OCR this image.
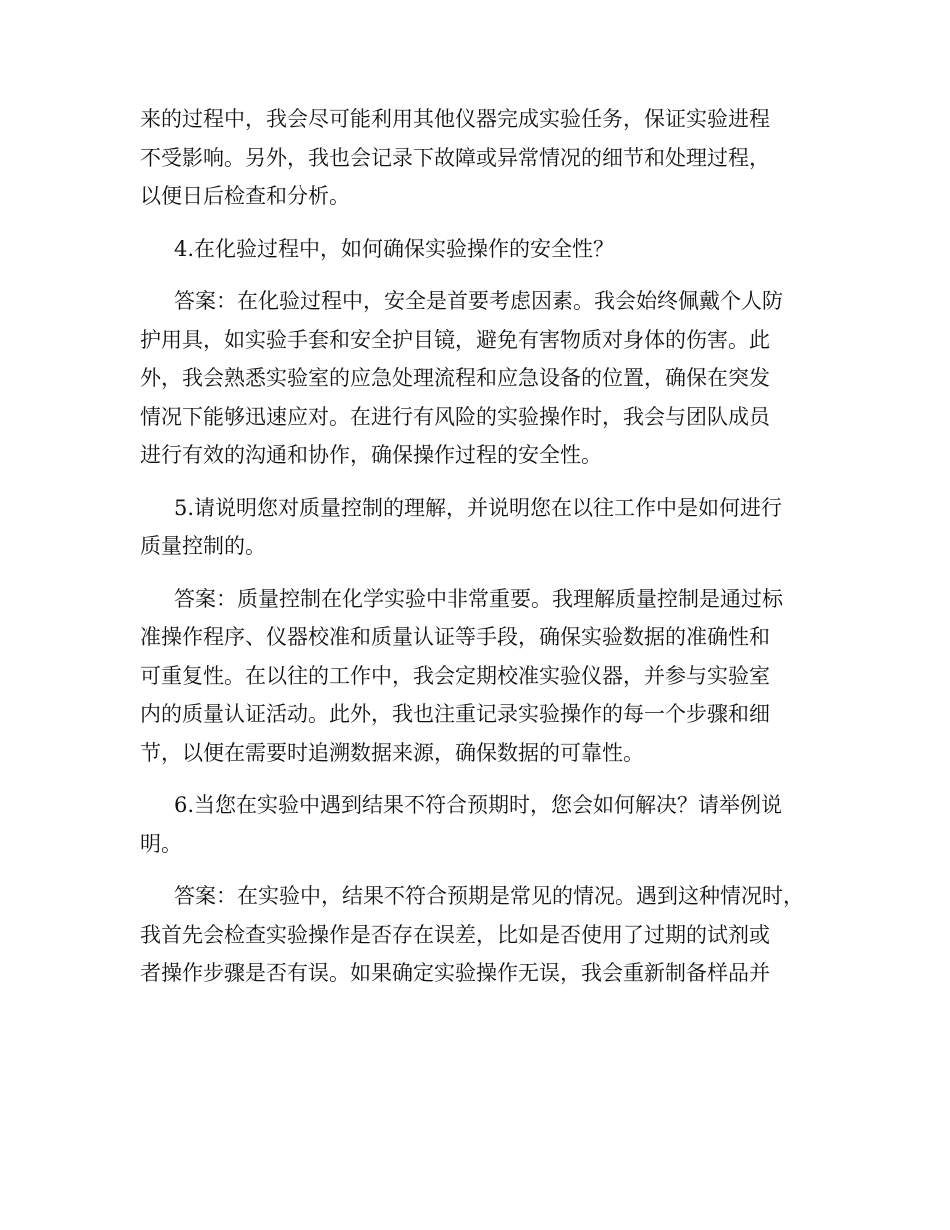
来的过程中，我会尽可能利用其他仪器完成实验任务，保证实验进程
不受影响。另外，我也会记录下故障或异常情况的细节和处理过程，
以便日后检查和分析。

4.在化验过程中，如何确保实验操作的安全性？

答案：在化验过程中，安全是首要考虑因素。我会始终佩戴个人防
护用具，如实验手套和安全护目镜，避免有害物质对身体的伤害。此
外，我会熟悉实验室的应急处理流程和应急设备的位置，确保在突发
情况下能够迅速应对。在进行有风险的实验操作时，我会与团队成员
进行有效的沟通和协作，确保操作过程的安全性。

5.请说明您对质量控制的理解，并说明您在以往工作中是如何进行
质量控制的。

答案：质量控制在化学实验中非常重要。我理解质量控制是通过标
准操作程序、仪器校准和质量认证等手段，确保实验数据的准确性和
可重复性。在以往的工作中，我会定期校准实验仪器，并参与实验室
内的质量认证活动。此外，我也注重记录实验操作的每一个步骤和细
节，以便在需要时追溯数据来源，确保数据的可靠性。

6.当您在实验中遇到结果不符合预期时，您会如何解决？请举例说
明。

答案：在实验中，结果不符合预期是常见的情况。遇到这种情况时，
我首先会检查实验操作是否存在误差，比如是否使用了过期的试剂或
者操作步骤是否有误。如果确定实验操作无误，我会重新制备样品并
